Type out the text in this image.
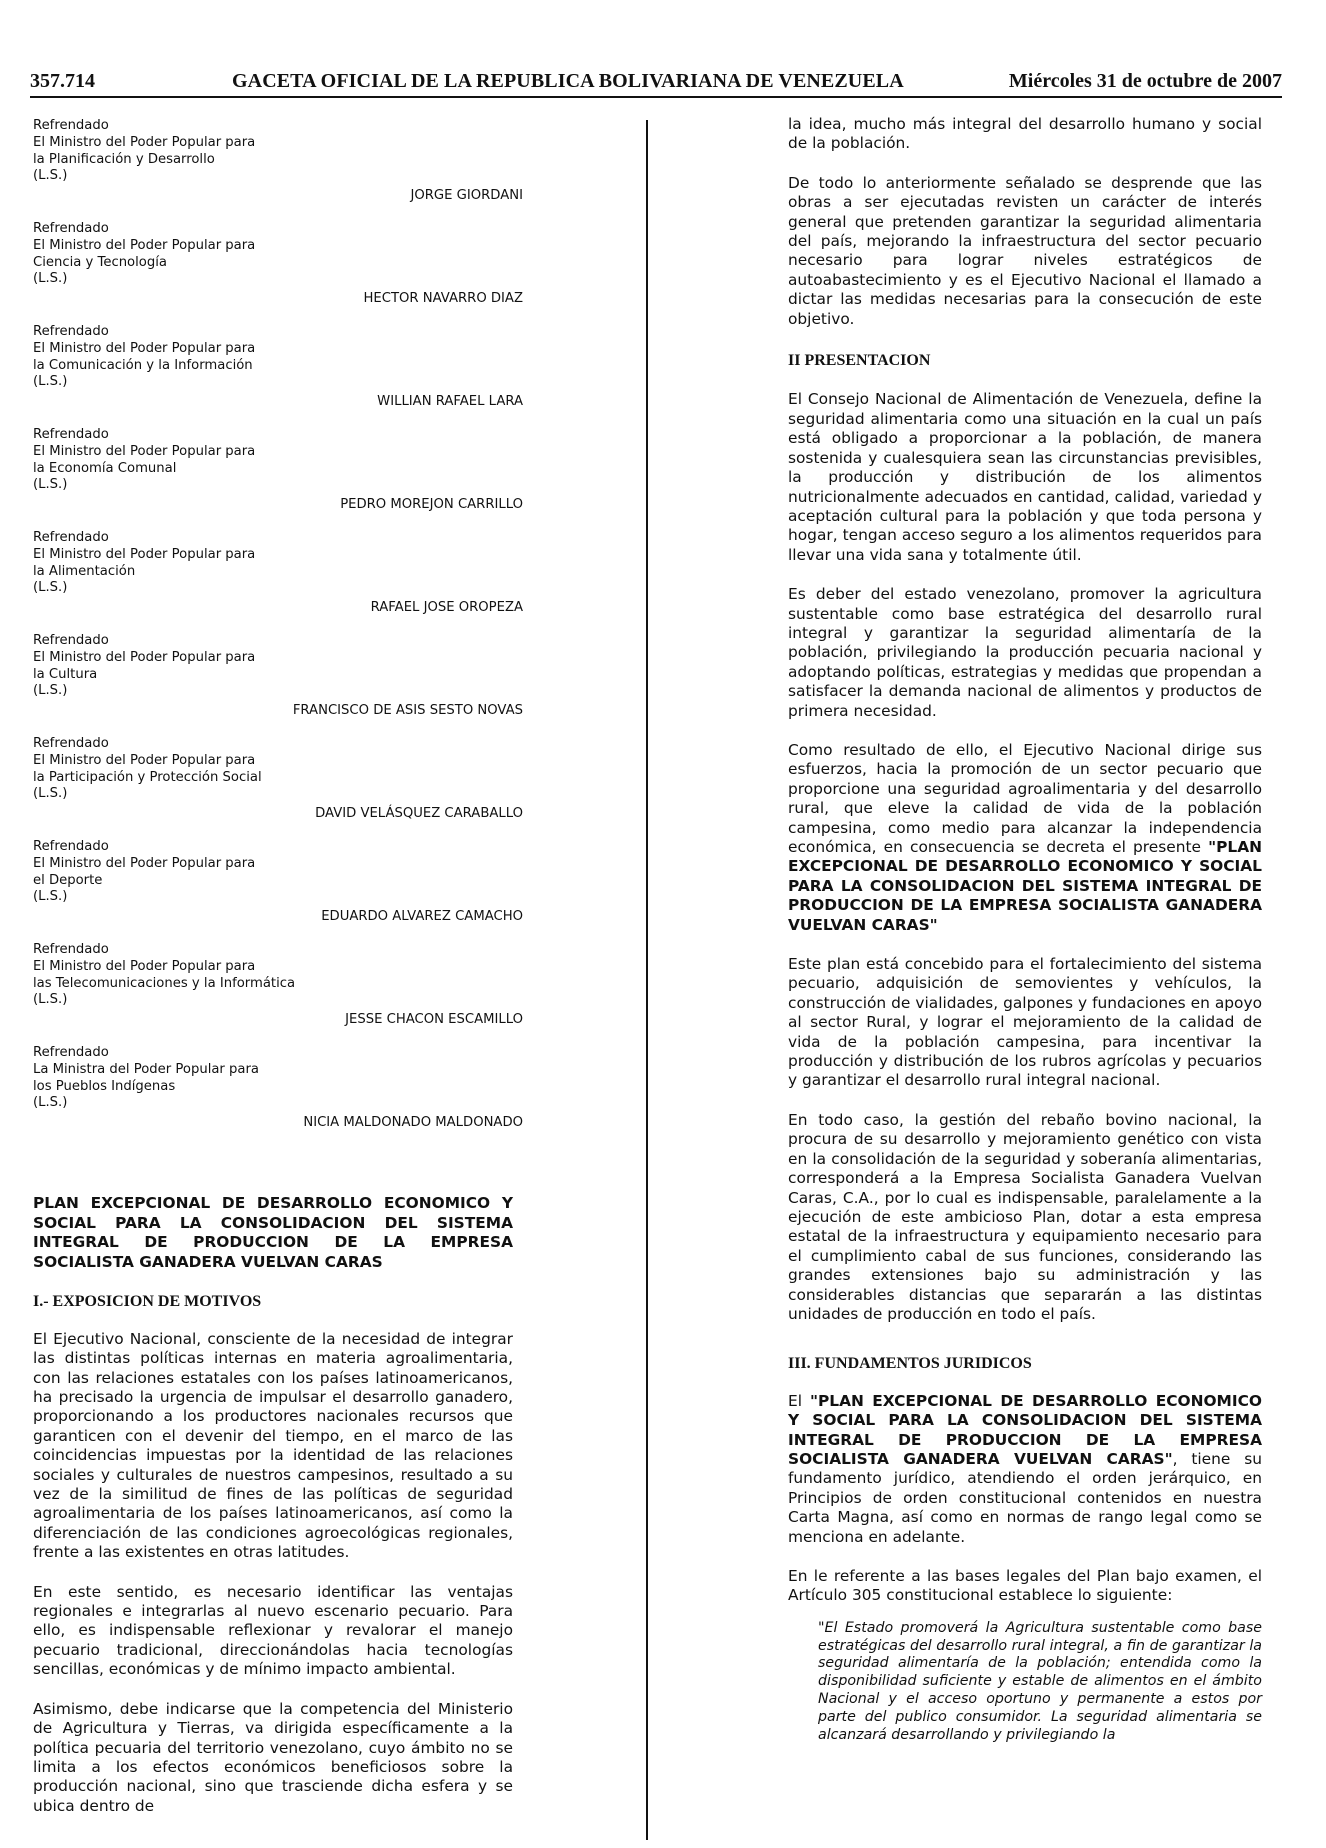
357.714	GACETA OFICIAL DE LA REPUBLICA BOLIVARIANA DE VENEZUELA	Miércoles 31 de octubre de 2007
Refrendado
El Ministro del Poder Popular para
la Planificación y Desarrollo
(L.S.)
JORGE GIORDANI
Refrendado
El Ministro del Poder Popular para
Ciencia y Tecnología
(L.S.)
HECTOR NAVARRO DIAZ
Refrendado
El Ministro del Poder Popular para
la Comunicación y la Información
(L.S.)
WILLIAN RAFAEL LARA
Refrendado
El Ministro del Poder Popular para
la Economía Comunal
(L.S.)
PEDRO MOREJON CARRILLO
Refrendado
El Ministro del Poder Popular para
la Alimentación
(L.S.)
RAFAEL JOSE OROPEZA
Refrendado
El Ministro del Poder Popular para
la Cultura
(L.S.)
FRANCISCO DE ASIS SESTO NOVAS
Refrendado
El Ministro del Poder Popular para
la Participación y Protección Social
(L.S.)
DAVID VELÁSQUEZ CARABALLO
Refrendado
El Ministro del Poder Popular para
el Deporte
(L.S.)
EDUARDO ALVAREZ CAMACHO
Refrendado
El Ministro del Poder Popular para
las Telecomunicaciones y la Informática
(L.S.)
JESSE CHACON ESCAMILLO
Refrendado
La Ministra del Poder Popular para
los Pueblos Indígenas
(L.S.)
NICIA MALDONADO MALDONADO

PLAN EXCEPCIONAL DE DESARROLLO ECONOMICO Y SOCIAL PARA LA CONSOLIDACION DEL SISTEMA INTEGRAL DE PRODUCCION DE LA EMPRESA SOCIALISTA GANADERA VUELVAN CARAS

I.- EXPOSICION DE MOTIVOS

El Ejecutivo Nacional, consciente de la necesidad de integrar las distintas políticas internas en materia agroalimentaria, con las relaciones estatales con los países latinoamericanos, ha precisado la urgencia de impulsar el desarrollo ganadero, proporcionando a los productores nacionales recursos que garanticen con el devenir del tiempo, en el marco de las coincidencias impuestas por la identidad de las relaciones sociales y culturales de nuestros campesinos, resultado a su vez de la similitud de fines de las políticas de seguridad agroalimentaria de los países latinoamericanos, así como la diferenciación de las condiciones agroecológicas regionales, frente a las existentes en otras latitudes.

En este sentido, es necesario identificar las ventajas regionales e integrarlas al nuevo escenario pecuario. Para ello, es indispensable reflexionar y revalorar el manejo pecuario tradicional, direccionándolas hacia tecnologías sencillas, económicas y de mínimo impacto ambiental.

Asimismo, debe indicarse que la competencia del Ministerio de Agricultura y Tierras, va dirigida específicamente a la política pecuaria del territorio venezolano, cuyo ámbito no se limita a los efectos económicos beneficiosos sobre la producción nacional, sino que trasciende dicha esfera y se ubica dentro de

la idea, mucho más integral del desarrollo humano y social de la población.

De todo lo anteriormente señalado se desprende que las obras a ser ejecutadas revisten un carácter de interés general que pretenden garantizar la seguridad alimentaria del país, mejorando la infraestructura del sector pecuario necesario para lograr niveles estratégicos de autoabastecimiento y es el Ejecutivo Nacional el llamado a dictar las medidas necesarias para la consecución de este objetivo.

II PRESENTACION

El Consejo Nacional de Alimentación de Venezuela, define la seguridad alimentaria como una situación en la cual un país está obligado a proporcionar a la población, de manera sostenida y cualesquiera sean las circunstancias previsibles, la producción y distribución de los alimentos nutricionalmente adecuados en cantidad, calidad, variedad y aceptación cultural para la población y que toda persona y hogar, tengan acceso seguro a los alimentos requeridos para llevar una vida sana y totalmente útil.

Es deber del estado venezolano, promover la agricultura sustentable como base estratégica del desarrollo rural integral y garantizar la seguridad alimentaría de la población, privilegiando la producción pecuaria nacional y adoptando políticas, estrategias y medidas que propendan a satisfacer la demanda nacional de alimentos y productos de primera necesidad.

Como resultado de ello, el Ejecutivo Nacional dirige sus esfuerzos, hacia la promoción de un sector pecuario que proporcione una seguridad agroalimentaria y del desarrollo rural, que eleve la calidad de vida de la población campesina, como medio para alcanzar la independencia económica, en consecuencia se decreta el presente "PLAN EXCEPCIONAL DE DESARROLLO ECONOMICO Y SOCIAL PARA LA CONSOLIDACION DEL SISTEMA INTEGRAL DE PRODUCCION DE LA EMPRESA SOCIALISTA GANADERA VUELVAN CARAS"

Este plan está concebido para el fortalecimiento del sistema pecuario, adquisición de semovientes y vehículos, la construcción de vialidades, galpones y fundaciones en apoyo al sector Rural, y lograr el mejoramiento de la calidad de vida de la población campesina, para incentivar la producción y distribución de los rubros agrícolas y pecuarios y garantizar el desarrollo rural integral nacional.

En todo caso, la gestión del rebaño bovino nacional, la procura de su desarrollo y mejoramiento genético con vista en la consolidación de la seguridad y soberanía alimentarias, corresponderá a la Empresa Socialista Ganadera Vuelvan Caras, C.A., por lo cual es indispensable, paralelamente a la ejecución de este ambicioso Plan, dotar a esta empresa estatal de la infraestructura y equipamiento necesario para el cumplimiento cabal de sus funciones, considerando las grandes extensiones bajo su administración y las considerables distancias que separarán a las distintas unidades de producción en todo el país.

III. FUNDAMENTOS JURIDICOS

El "PLAN EXCEPCIONAL DE DESARROLLO ECONOMICO Y SOCIAL PARA LA CONSOLIDACION DEL SISTEMA INTEGRAL DE PRODUCCION DE LA EMPRESA SOCIALISTA GANADERA VUELVAN CARAS", tiene su fundamento jurídico, atendiendo el orden jerárquico, en Principios de orden constitucional contenidos en nuestra Carta Magna, así como en normas de rango legal como se menciona en adelante.

En le referente a las bases legales del Plan bajo examen, el Artículo 305 constitucional establece lo siguiente:

"El Estado promoverá la Agricultura sustentable como base estratégicas del desarrollo rural integral, a fin de garantizar la seguridad alimentaría de la población; entendida como la disponibilidad suficiente y estable de alimentos en el ámbito Nacional y el acceso oportuno y permanente a estos por parte del publico consumidor. La seguridad alimentaria se alcanzará desarrollando y privilegiando la
